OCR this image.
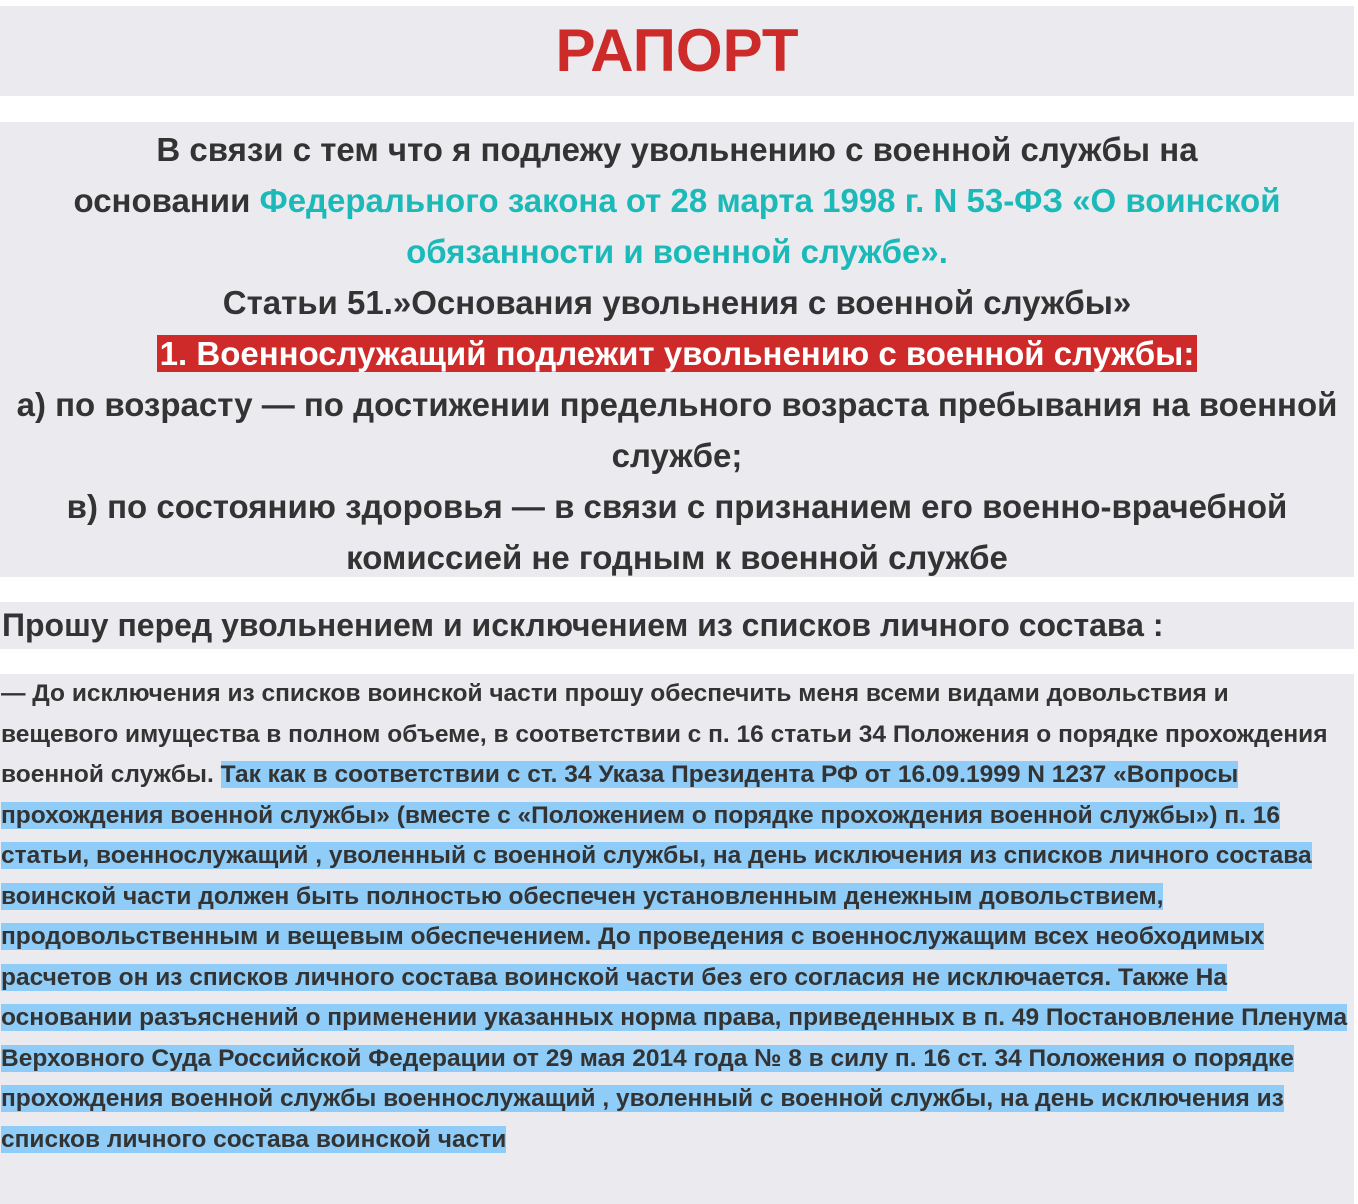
РАПОРТ

В связи с тем что я подлежу увольнению с военной службы на
основании Федерального закона от 28 марта 1998 г. N 53-ФЗ «О воинской обязанности и военной службе».

Статьи 51.»Основания увольнения с военной службы»

1. Военнослужащий подлежит увольнению с военной службы:

а) по возрасту — по достижении предельного возраста пребывания на военной службе;

в) по состоянию здоровья — в связи с признанием его военно-врачебной комиссией не годным к военной службе

Прошу перед увольнением и исключением из списков личного состава :

— До исключения из списков воинской части прошу обеспечить меня всеми видами довольствия и вещевого имущества в полном объеме, в соответствии с п. 16 статьи 34 Положения о порядке прохождения военной службы. Так как в соответствии с ст. 34 Указа Президента РФ от 16.09.1999 N 1237 «Вопросы прохождения военной службы» (вместе с «Положением о порядке прохождения военной службы») п. 16 статьи, военнослужащий , уволенный с военной службы, на день исключения из списков личного состава воинской части должен быть полностью обеспечен установленным денежным довольствием, продовольственным и вещевым обеспечением. До проведения с военнослужащим всех необходимых расчетов он из списков личного состава воинской части без его согласия не исключается. Также На основании разъяснений о применении указанных норма права, приведенных в п. 49 Постановление Пленума Верховного Суда Российской Федерации от 29 мая 2014 года № 8 в силу п. 16 ст. 34 Положения о порядке прохождения военной службы военнослужащий , уволенный с военной службы, на день исключения из списков личного состава воинской части
